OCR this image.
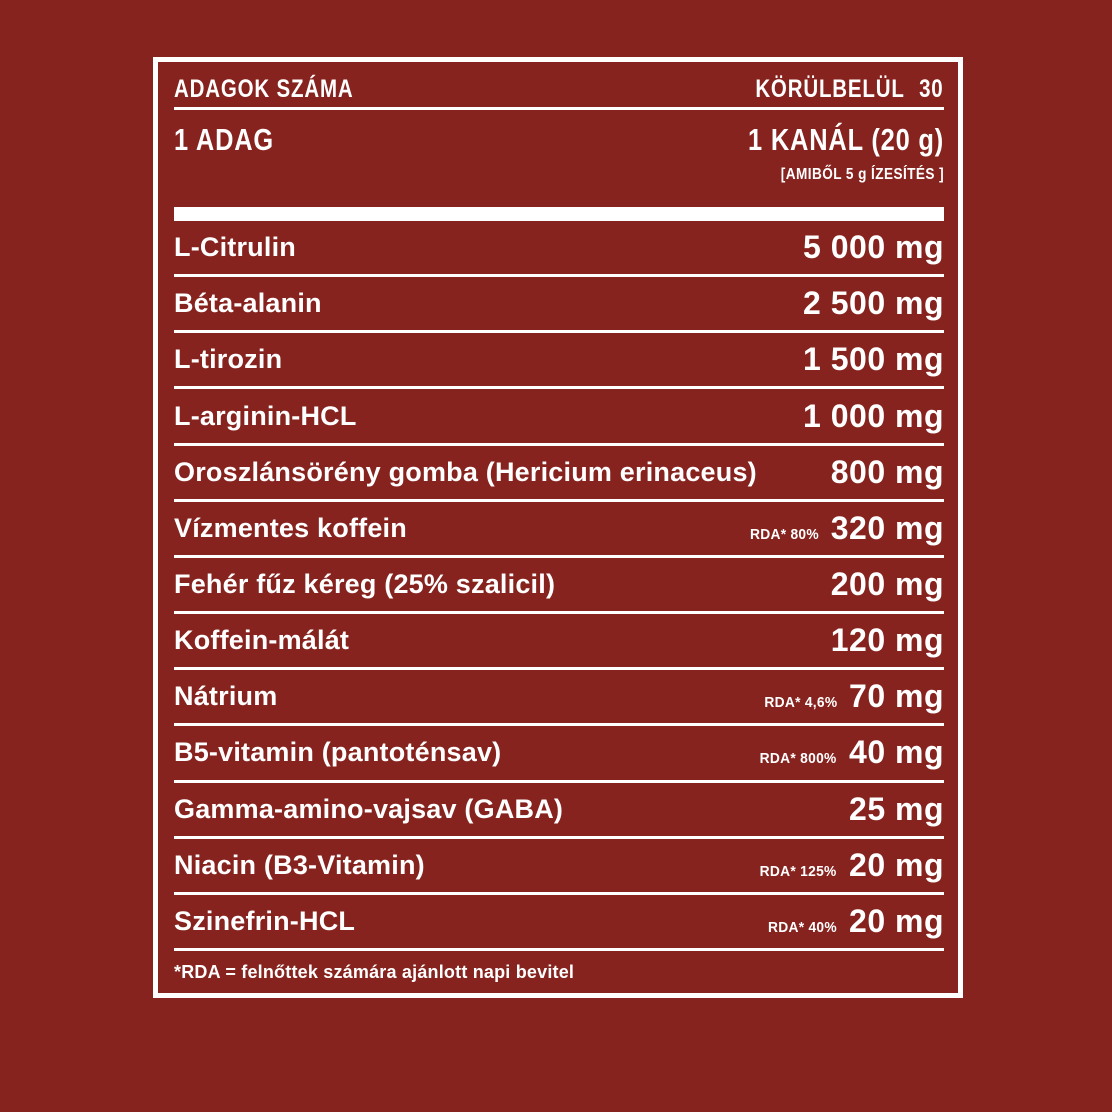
ADAGOK SZÁMA	KÖRÜLBELÜL 30
1 ADAG	1 KANÁL (20 g)
[AMIBŐL 5 g ÍZESÍTÉS ]
L-Citrulin	5 000 mg
Béta-alanin	2 500 mg
L-tirozin	1 500 mg
L-arginin-HCL	1 000 mg
Oroszlánsörény gomba (Hericium erinaceus) 800 mg
Vízmentes koffein	RDA* 80% 320 mg
Fehér fűz kéreg (25% szalicil)	200 mg
Koffein-málát	120 mg
Nátrium	RDA* 4,6% 70 mg
B5-vitamin (pantoténsav)	RDA* 800% 40 mg
Gamma-amino-vajsav (GABA)	25 mg
Niacin (B3-Vitamin)	RDA* 125% 20 mg
Szinefrin-HCL	RDA* 40% 20 mg
*RDA = felnőttek számára ajánlott napi bevitel
